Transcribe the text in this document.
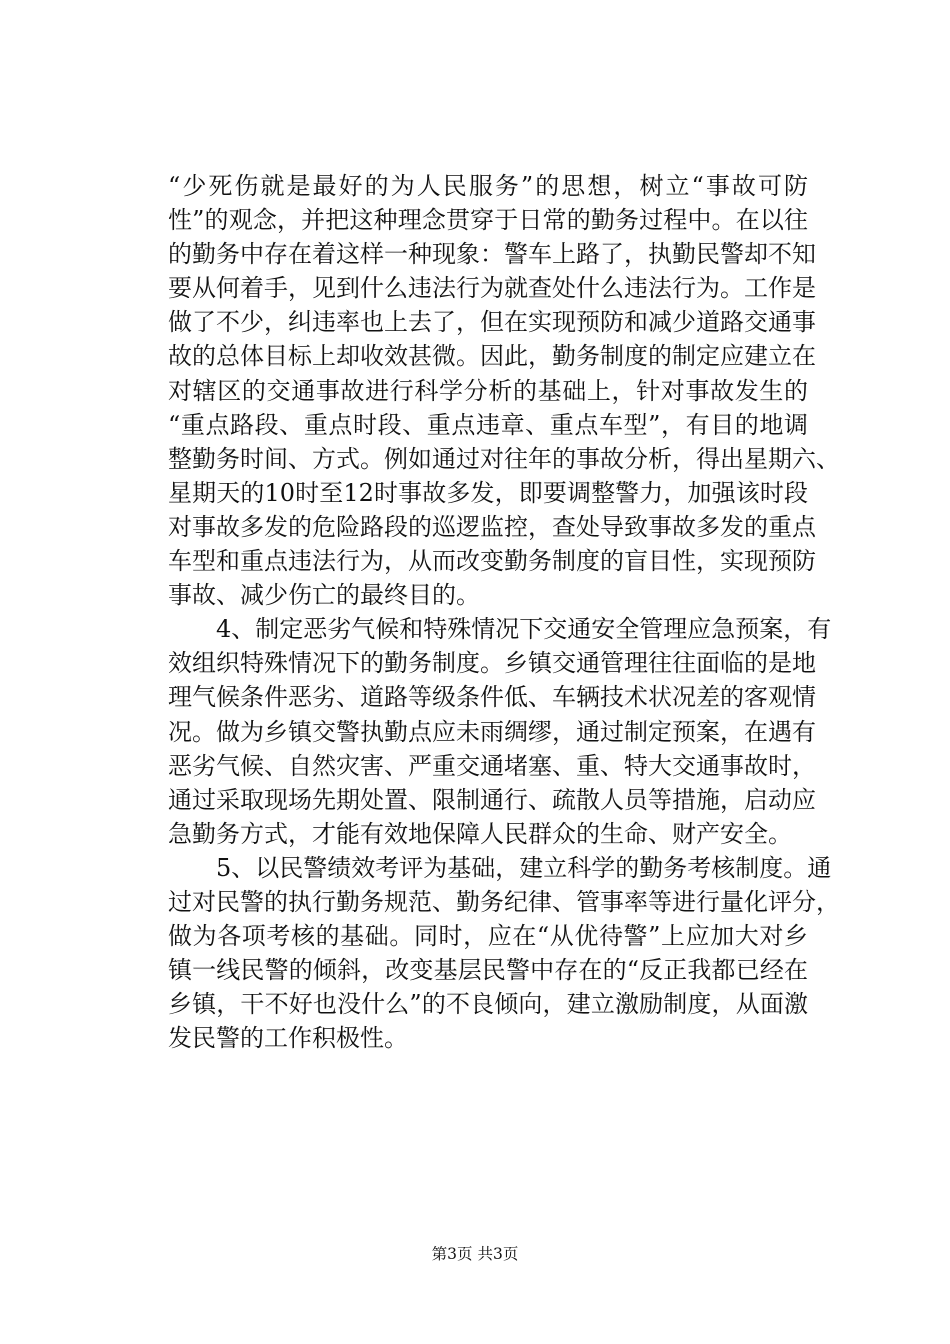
“少死伤就是最好的为人民服务”的思想，树立“事故可防
性”的观念，并把这种理念贯穿于日常的勤务过程中。在以往
的勤务中存在着这样一种现象：警车上路了，执勤民警却不知
要从何着手，见到什么违法行为就查处什么违法行为。工作是
做了不少，纠违率也上去了，但在实现预防和减少道路交通事
故的总体目标上却收效甚微。因此，勤务制度的制定应建立在
对辖区的交通事故进行科学分析的基础上，针对事故发生的
“重点路段、重点时段、重点违章、重点车型”，有目的地调
整勤务时间、方式。例如通过对往年的事故分析，得出星期六、
星期天的10时至12时事故多发，即要调整警力，加强该时段
对事故多发的危险路段的巡逻监控，查处导致事故多发的重点
车型和重点违法行为，从而改变勤务制度的盲目性，实现预防
事故、减少伤亡的最终目的。
　　4、制定恶劣气候和特殊情况下交通安全管理应急预案，有
效组织特殊情况下的勤务制度。乡镇交通管理往往面临的是地
理气候条件恶劣、道路等级条件低、车辆技术状况差的客观情
况。做为乡镇交警执勤点应未雨绸缪，通过制定预案，在遇有
恶劣气候、自然灾害、严重交通堵塞、重、特大交通事故时，
通过采取现场先期处置、限制通行、疏散人员等措施，启动应
急勤务方式，才能有效地保障人民群众的生命、财产安全。
　　5、以民警绩效考评为基础，建立科学的勤务考核制度。通
过对民警的执行勤务规范、勤务纪律、管事率等进行量化评分，
做为各项考核的基础。同时，应在“从优待警”上应加大对乡
镇一线民警的倾斜，改变基层民警中存在的“反正我都已经在
乡镇，干不好也没什么”的不良倾向，建立激励制度，从面激
发民警的工作积极性。
第3页 共3页
